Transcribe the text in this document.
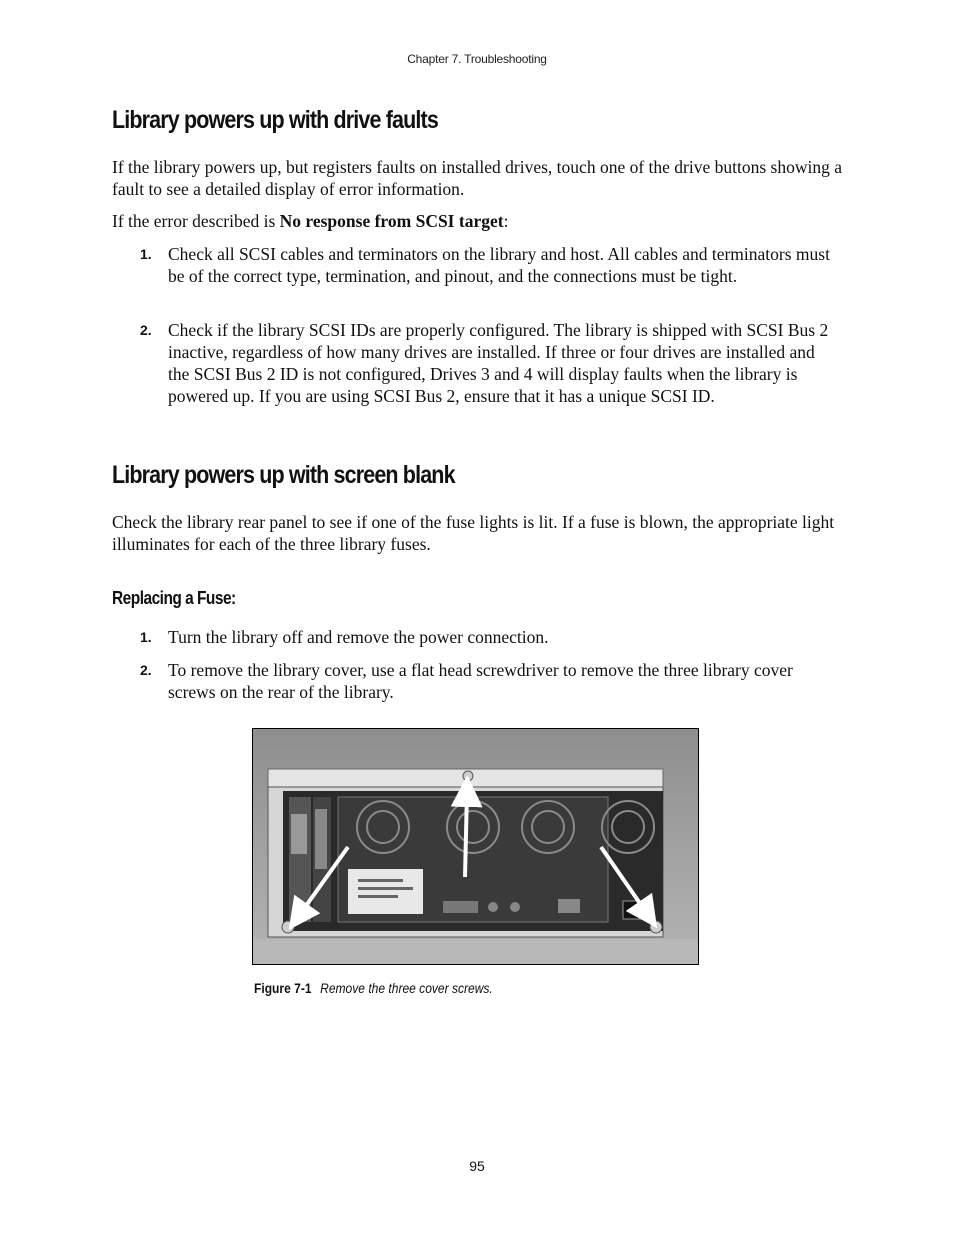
Chapter 7. Troubleshooting
Library powers up with drive faults

If the library powers up, but registers faults on installed drives, touch one of the drive buttons showing a fault to see a detailed display of error information.

If the error described is No response from SCSI target:

1. Check all SCSI cables and terminators on the library and host. All cables and terminators must be of the correct type, termination, and pinout, and the connections must be tight.
2. Check if the library SCSI IDs are properly configured. The library is shipped with SCSI Bus 2 inactive, regardless of how many drives are installed. If three or four drives are installed and the SCSI Bus 2 ID is not configured, Drives 3 and 4 will display faults when the library is powered up. If you are using SCSI Bus 2, ensure that it has a unique SCSI ID.
Library powers up with screen blank

Check the library rear panel to see if one of the fuse lights is lit. If a fuse is blown, the appropriate light illuminates for each of the three library fuses.

Replacing a Fuse:
1. Turn the library off and remove the power connection.
2. To remove the library cover, use a flat head screwdriver to remove the three library cover screws on the rear of the library.
Figure 7-1 Remove the three cover screws.
95
